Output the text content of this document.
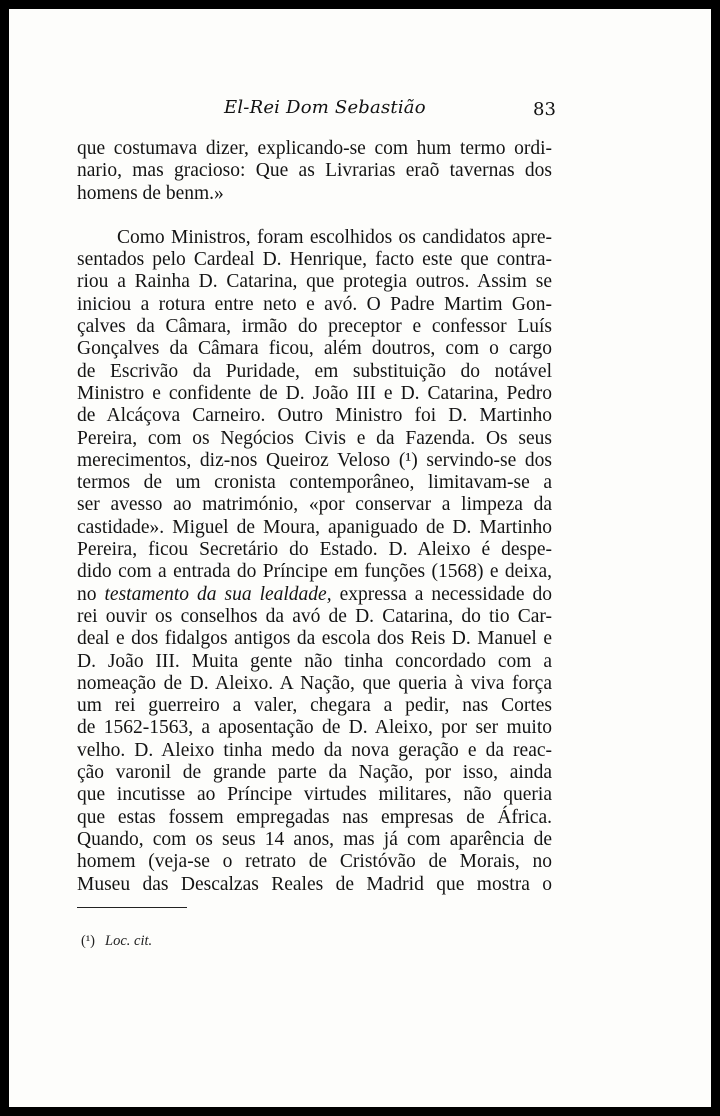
El-Rei Dom Sebastião	83
que costumava dizer, explicando-se com hum termo ordi-
nario, mas gracioso: Que as Livrarias eraõ tavernas dos
homens de benm.»
Como Ministros, foram escolhidos os candidatos apre-
sentados pelo Cardeal D. Henrique, facto este que contra-
riou a Rainha D. Catarina, que protegia outros. Assim se
iniciou a rotura entre neto e avó. O Padre Martim Gon-
çalves da Câmara, irmão do preceptor e confessor Luís
Gonçalves da Câmara ficou, além doutros, com o cargo
de Escrivão da Puridade, em substituição do notável
Ministro e confidente de D. João III e D. Catarina, Pedro
de Alcáçova Carneiro. Outro Ministro foi D. Martinho
Pereira, com os Negócios Civis e da Fazenda. Os seus
merecimentos, diz-nos Queiroz Veloso (¹) servindo-se dos
termos de um cronista contemporâneo, limitavam-se a
ser avesso ao matrimónio, «por conservar a limpeza da
castidade». Miguel de Moura, apaniguado de D. Martinho
Pereira, ficou Secretário do Estado. D. Aleixo é despe-
dido com a entrada do Príncipe em funções (1568) e deixa,
no testamento da sua lealdade, expressa a necessidade do
rei ouvir os conselhos da avó de D. Catarina, do tio Car-
deal e dos fidalgos antigos da escola dos Reis D. Manuel e
D. João III. Muita gente não tinha concordado com a
nomeação de D. Aleixo. A Nação, que queria à viva força
um rei guerreiro a valer, chegara a pedir, nas Cortes
de 1562-1563, a aposentação de D. Aleixo, por ser muito
velho. D. Aleixo tinha medo da nova geração e da reac-
ção varonil de grande parte da Nação, por isso, ainda
que incutisse ao Príncipe virtudes militares, não queria
que estas fossem empregadas nas empresas de África.
Quando, com os seus 14 anos, mas já com aparência de
homem (veja-se o retrato de Cristóvão de Morais, no
Museu das Descalzas Reales de Madrid que mostra o
(¹) Loc. cit.
